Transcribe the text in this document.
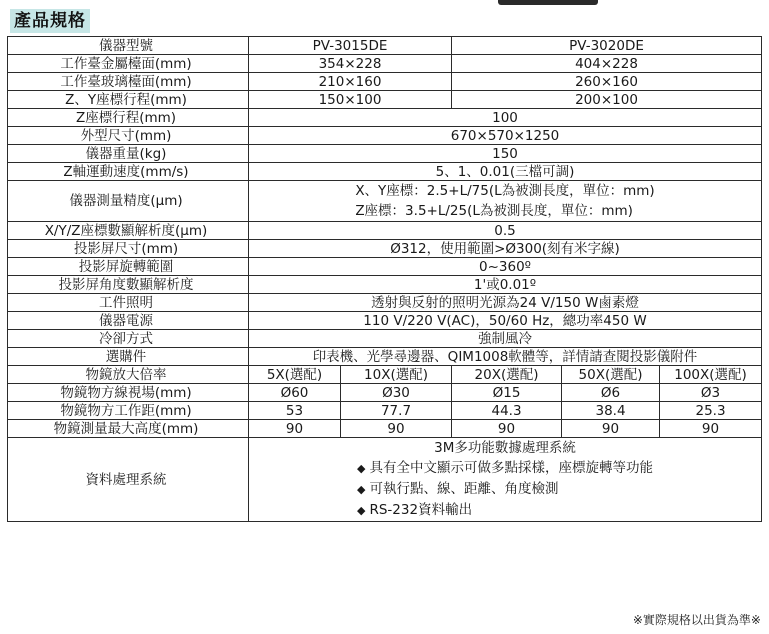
產品規格
儀器型號	PV-3015DE		PV-3020DE		
工作臺金屬檯面(mm)	354×228		404×228		
工作臺玻璃檯面(mm)	210×160		260×160		
Z、Y座標行程(mm)	150×100		200×100		
Z座標行程(mm)	100				
外型尺寸(mm)	670×570×1250				
儀器重量(kg)	150				
Z軸運動速度(mm/s)	5、1、0.01(三檔可調)				
儀器測量精度(μm)	X、Y座標：2.5+L/75(L為被測長度，單位：mm)
Z座標：3.5+L/25(L為被測長度，單位：mm)				
X/Y/Z座標數顯解析度(μm)	0.5				
投影屏尺寸(mm)	Ø312，使用範圍>Ø300(刻有米字線)				
投影屏旋轉範圍	0~360º				
投影屏角度數顯解析度	1'或0.01º				
工件照明	透射與反射的照明光源為24 V/150 W鹵素燈				
儀器電源	110 V/220 V(AC)，50/60 Hz，總功率450 W				
冷卻方式	強制風冷				
選購件	印表機、光學尋邊器、QIM1008軟體等，詳情請查閱投影儀附件				
物鏡放大倍率	5X(選配)	10X(選配)	20X(選配)	50X(選配)	100X(選配)
物鏡物方線視場(mm)	Ø60	Ø30	Ø15	Ø6	Ø3
物鏡物方工作距(mm)	53	77.7	44.3	38.4	25.3
物鏡測量最大高度(mm)	90	90	90	90	90
資料處理系統	3M多功能數據處理系統
◆ 具有全中文顯示可做多點採樣，座標旋轉等功能
◆ 可執行點、線、距離、角度檢測
◆ RS-232資料輸出				
※實際規格以出貨為準※
